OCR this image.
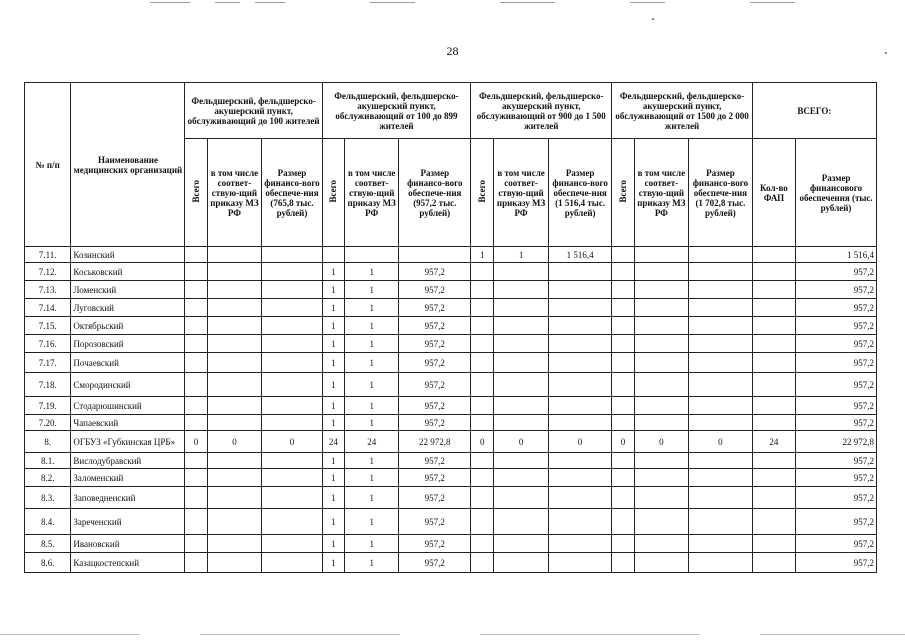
28
№ п/п	Наименование медицинских организаций	Фельдшерский, фельдшерско-акушерский пункт, обслуживающий до 100 жителей			Фельдшерский, фельдшерско-акушерский пункт, обслуживающий от 100 до 899 жителей			Фельдшерский, фельдшерско-акушерский пункт, обслуживающий от 900 до 1 500 жителей			Фельдшерский, фельдшерско-акушерский пункт, обслуживающий от 1500 до 2 000 жителей			ВСЕГО:	
		Всего	в том числе соответ-ствую-щий приказу МЗ РФ	Размер финансо-вого обеспече-ния (765,8 тыс. рублей)	Всего	в том числе соответ-ствую-щий приказу МЗ РФ	Размер финансо-вого обеспече-ния (957,2 тыс. рублей)	Всего	в том числе соответ-ствую-щий приказу МЗ РФ	Размер финансо-вого обеспече-ния (1 516,4 тыс. рублей)	Всего	в том числе соответ-ствую-щий приказу МЗ РФ	Размер финансо-вого обеспече-ния (1 702,8 тыс. рублей)	Кол-во ФАП	Размер финансового обеспечения (тыс. рублей)
7.11.	Козинский							1	1	1 516,4					1 516,4
7.12.	Коськовский				1	1	957,2								957,2
7.13.	Ломенский				1	1	957,2								957,2
7.14.	Луговский				1	1	957,2								957,2
7.15.	Октябрьский				1	1	957,2								957,2
7.16.	Порозовский				1	1	957,2								957,2
7.17.	Почаевский				1	1	957,2								957,2
7.18.	Смородинский				1	1	957,2								957,2
7.19.	Стодарюшинский				1	1	957,2								957,2
7.20.	Чапаевский				1	1	957,2								957,2
8.	ОГБУЗ «Губкинская ЦРБ»	0	0	0	24	24	22 972,8	0	0	0	0	0	0	24	22 972,8
8.1.	Вислодубравский				1	1	957,2								957,2
8.2.	Заломенский				1	1	957,2								957,2
8.3.	Заповедненский				1	1	957,2								957,2
8.4.	Зареченский				1	1	957,2								957,2
8.5.	Ивановский				1	1	957,2								957,2
8.6.	Казацкостепский				1	1	957,2								957,2
